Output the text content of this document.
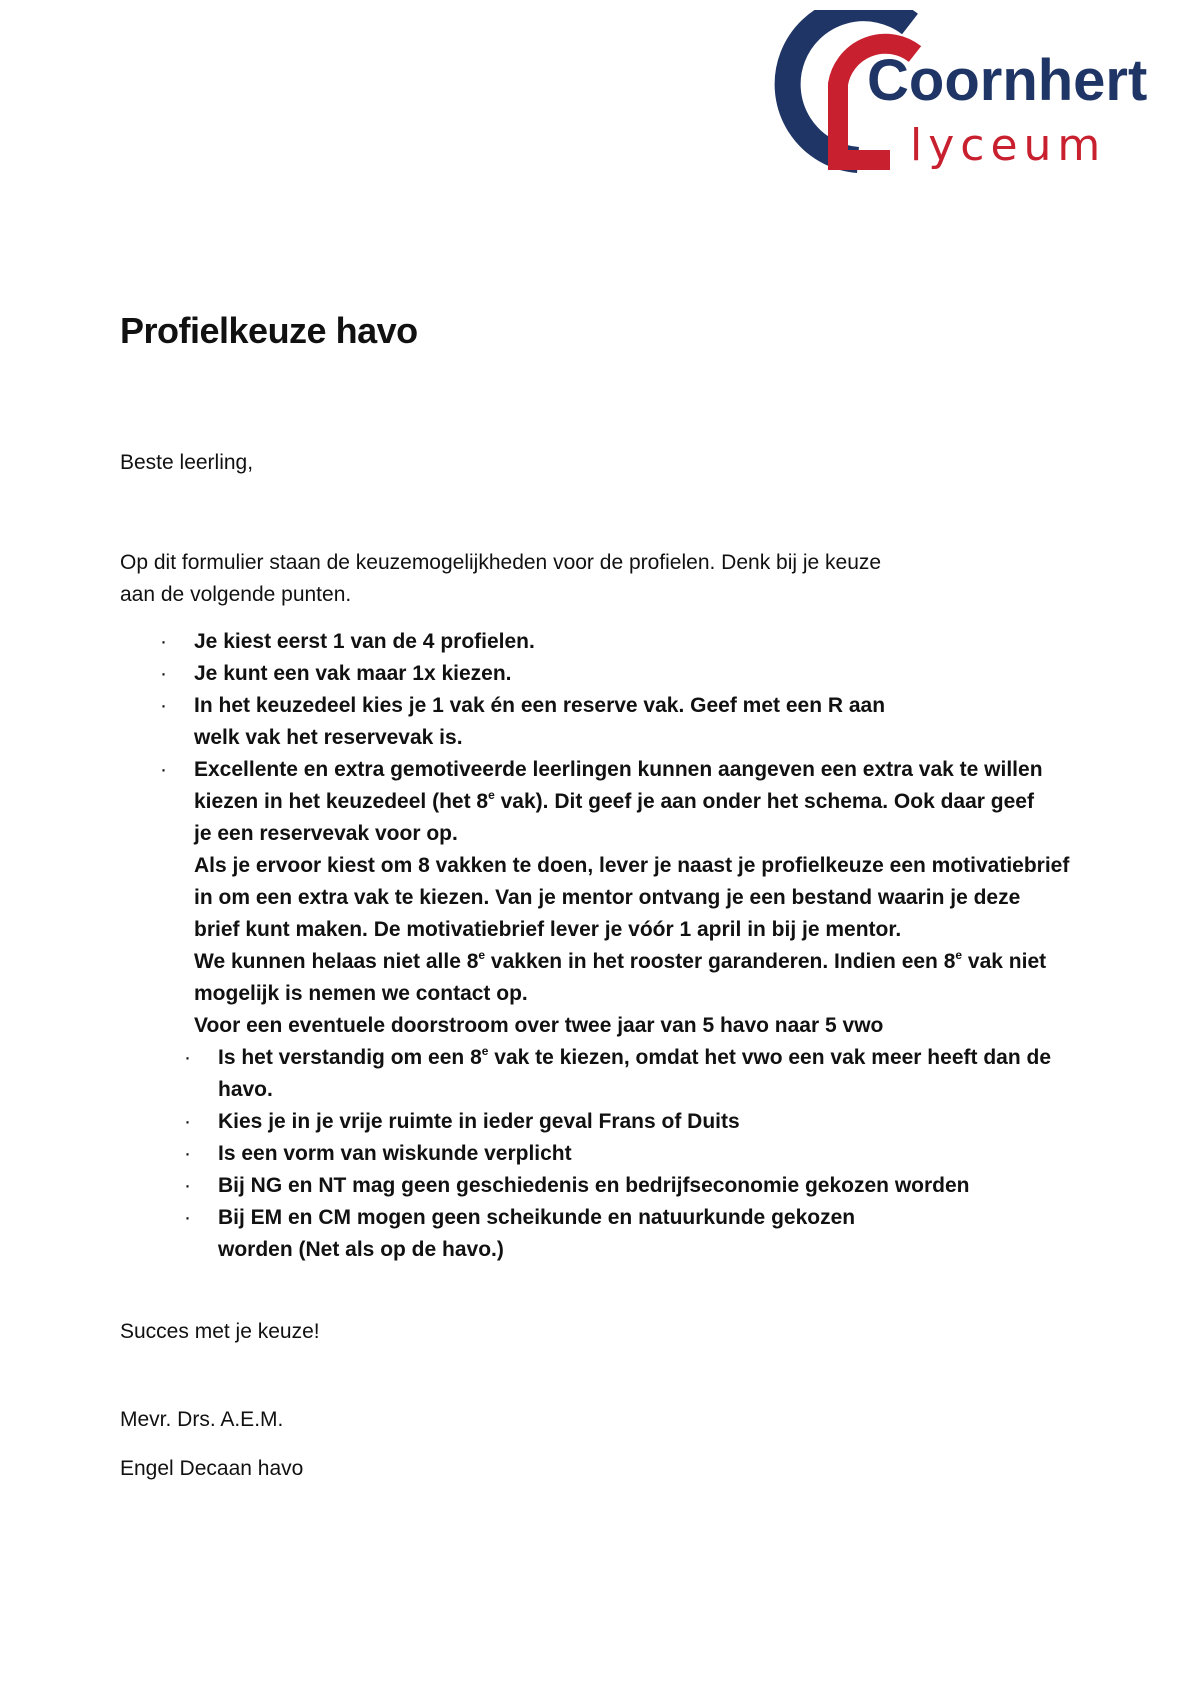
Coornhert
lyceum
Profielkeuze havo

Beste leerling,

Op dit formulier staan de keuzemogelijkheden voor de profielen. Denk bij je keuze
aan de volgende punten.

· Je kiest eerst 1 van de 4 profielen.
· Je kunt een vak maar 1x kiezen.
· In het keuzedeel kies je 1 vak én een reserve vak. Geef met een R aan
welk vak het reservevak is.
· Excellente en extra gemotiveerde leerlingen kunnen aangeven een extra vak te willen
kiezen in het keuzedeel (het 8e vak). Dit geef je aan onder het schema. Ook daar geef
je een reservevak voor op.
Als je ervoor kiest om 8 vakken te doen, lever je naast je profielkeuze een motivatiebrief
in om een extra vak te kiezen. Van je mentor ontvang je een bestand waarin je deze
brief kunt maken. De motivatiebrief lever je vóór 1 april in bij je mentor.
We kunnen helaas niet alle 8e vakken in het rooster garanderen. Indien een 8e vak niet
mogelijk is nemen we contact op.
Voor een eventuele doorstroom over twee jaar van 5 havo naar 5 vwo
· Is het verstandig om een 8e vak te kiezen, omdat het vwo een vak meer heeft dan de
havo.
· Kies je in je vrije ruimte in ieder geval Frans of Duits
· Is een vorm van wiskunde verplicht
· Bij NG en NT mag geen geschiedenis en bedrijfseconomie gekozen worden
· Bij EM en CM mogen geen scheikunde en natuurkunde gekozen
worden (Net als op de havo.)

Succes met je keuze!

Mevr. Drs. A.E.M.

Engel Decaan havo
